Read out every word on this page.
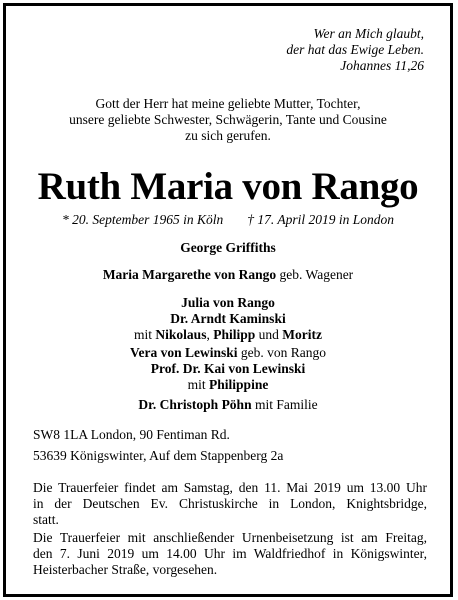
Wer an Mich glaubt,
der hat das Ewige Leben.
Johannes 11,26
Gott der Herr hat meine geliebte Mutter, Tochter,
unsere geliebte Schwester, Schwägerin, Tante und Cousine
zu sich gerufen.
Ruth Maria von Rango
* 20. September 1965 in Köln † 17. April 2019 in London
George Griffiths
Maria Margarethe von Rango geb. Wagener
Julia von Rango
Dr. Arndt Kaminski
mit Nikolaus, Philipp und Moritz
Vera von Lewinski geb. von Rango
Prof. Dr. Kai von Lewinski
mit Philippine
Dr. Christoph Pöhn mit Familie
SW8 1LA London, 90 Fentiman Rd.
53639 Königswinter, Auf dem Stappenberg 2a
Die Trauerfeier findet am Samstag, den 11. Mai 2019 um 13.00 Uhr
in der Deutschen Ev. Christuskirche in London, Knightsbridge,
statt.
Die Trauerfeier mit anschließender Urnenbeisetzung ist am Freitag,
den 7. Juni 2019 um 14.00 Uhr im Waldfriedhof in Königswinter,
Heisterbacher Straße, vorgesehen.
